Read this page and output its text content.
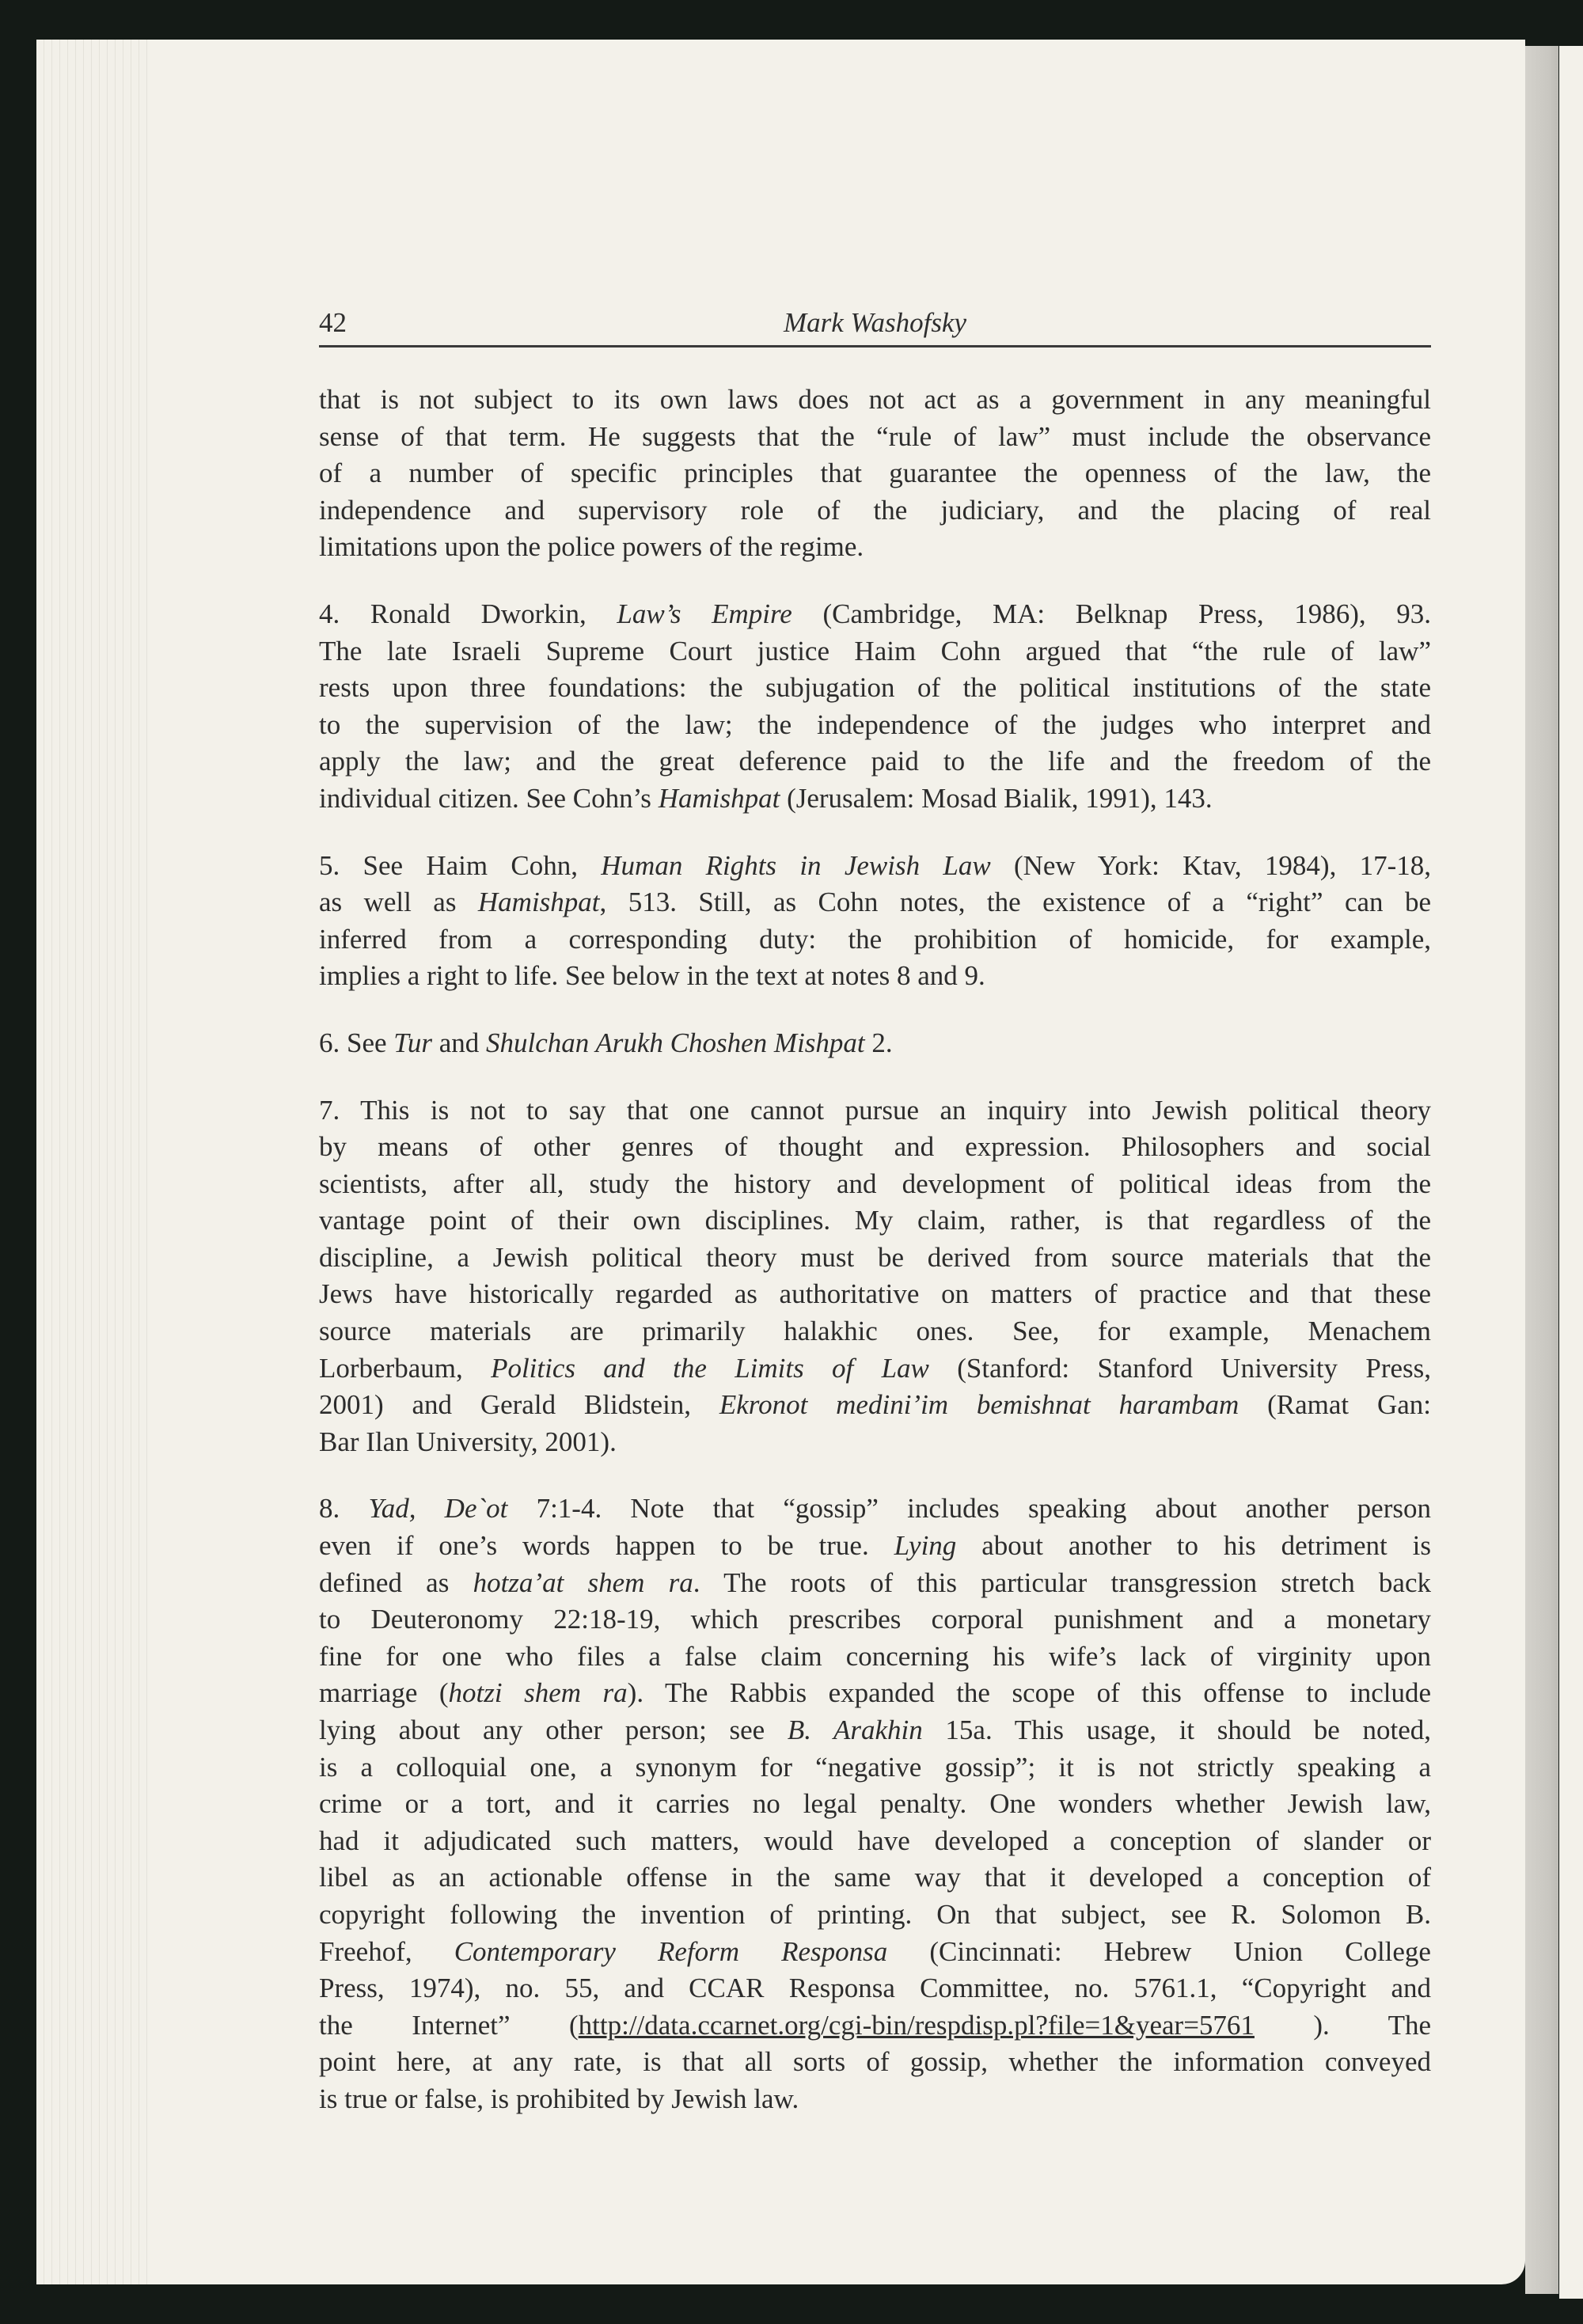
42	Mark Washofsky
that is not subject to its own laws does not act as a government in any meaningful
sense of that term. He suggests that the “rule of law” must include the observance
of a number of specific principles that guarantee the openness of the law, the
independence and supervisory role of the judiciary, and the placing of real
limitations upon the police powers of the regime.
4. Ronald Dworkin, Law’s Empire (Cambridge, MA: Belknap Press, 1986), 93.
The late Israeli Supreme Court justice Haim Cohn argued that “the rule of law”
rests upon three foundations: the subjugation of the political institutions of the state
to the supervision of the law; the independence of the judges who interpret and
apply the law; and the great deference paid to the life and the freedom of the
individual citizen. See Cohn’s Hamishpat (Jerusalem: Mosad Bialik, 1991), 143.
5. See Haim Cohn, Human Rights in Jewish Law (New York: Ktav, 1984), 17-18,
as well as Hamishpat, 513. Still, as Cohn notes, the existence of a “right” can be
inferred from a corresponding duty: the prohibition of homicide, for example,
implies a right to life. See below in the text at notes 8 and 9.
6. See Tur and Shulchan Arukh Choshen Mishpat 2.
7. This is not to say that one cannot pursue an inquiry into Jewish political theory
by means of other genres of thought and expression. Philosophers and social
scientists, after all, study the history and development of political ideas from the
vantage point of their own disciplines. My claim, rather, is that regardless of the
discipline, a Jewish political theory must be derived from source materials that the
Jews have historically regarded as authoritative on matters of practice and that these
source materials are primarily halakhic ones. See, for example, Menachem
Lorberbaum, Politics and the Limits of Law (Stanford: Stanford University Press,
2001) and Gerald Blidstein, Ekronot medini’im bemishnat harambam (Ramat Gan:
Bar Ilan University, 2001).
8. Yad, De`ot 7:1-4. Note that “gossip” includes speaking about another person
even if one’s words happen to be true. Lying about another to his detriment is
defined as hotza’at shem ra. The roots of this particular transgression stretch back
to Deuteronomy 22:18-19, which prescribes corporal punishment and a monetary
fine for one who files a false claim concerning his wife’s lack of virginity upon
marriage (hotzi shem ra). The Rabbis expanded the scope of this offense to include
lying about any other person; see B. Arakhin 15a. This usage, it should be noted,
is a colloquial one, a synonym for “negative gossip”; it is not strictly speaking a
crime or a tort, and it carries no legal penalty. One wonders whether Jewish law,
had it adjudicated such matters, would have developed a conception of slander or
libel as an actionable offense in the same way that it developed a conception of
copyright following the invention of printing. On that subject, see R. Solomon B.
Freehof, Contemporary Reform Responsa (Cincinnati: Hebrew Union College
Press, 1974), no. 55, and CCAR Responsa Committee, no. 5761.1, “Copyright and
the Internet” (http://data.ccarnet.org/cgi-bin/respdisp.pl?file=1&year=5761 ). The
point here, at any rate, is that all sorts of gossip, whether the information conveyed
is true or false, is prohibited by Jewish law.
